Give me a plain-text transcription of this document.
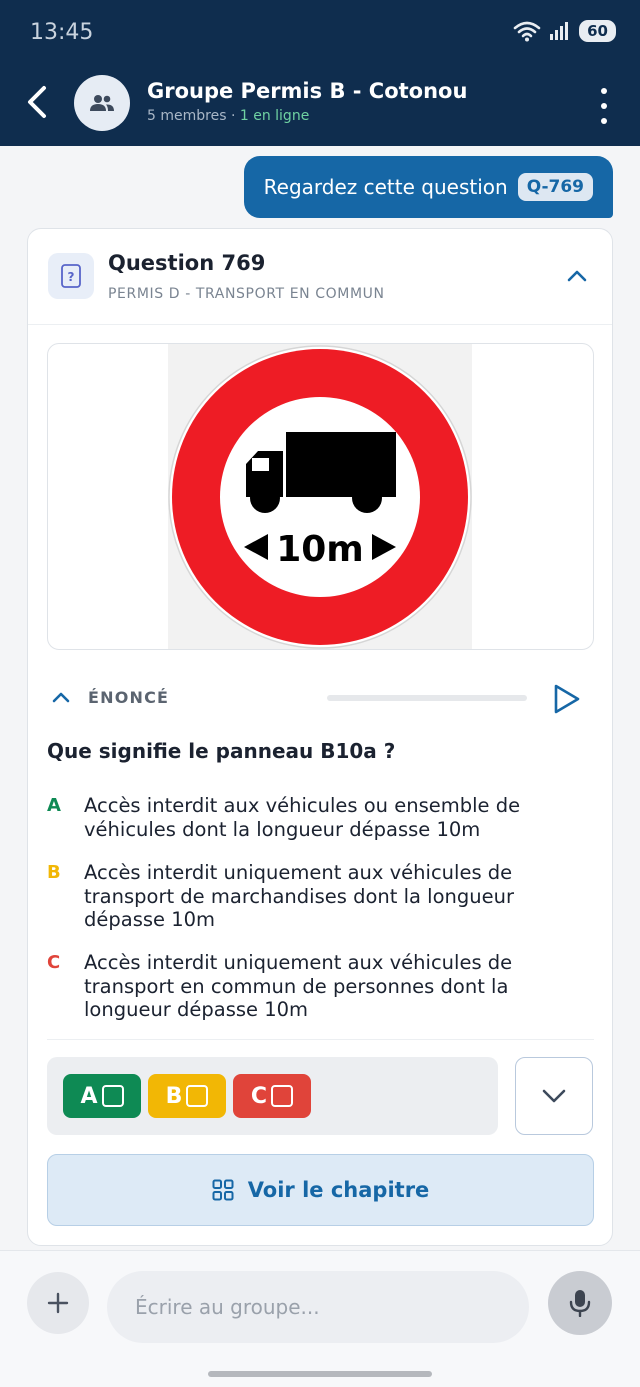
13:45	60
Groupe Permis B - Cotonou
5 membres · 1 en ligne
Regardez cette question	Q-769
?
Question 769
PERMIS D - TRANSPORT EN COMMUN
10m
ÉNONCÉ
Que signifie le panneau B10a ?
A Accès interdit aux véhicules ou ensemble de véhicules dont la longueur dépasse 10m
B Accès interdit uniquement aux véhicules de transport de marchandises dont la longueur dépasse 10m
C Accès interdit uniquement aux véhicules de transport en commun de personnes dont la longueur dépasse 10m
A	B	C
Voir le chapitre
Écrire au groupe...
